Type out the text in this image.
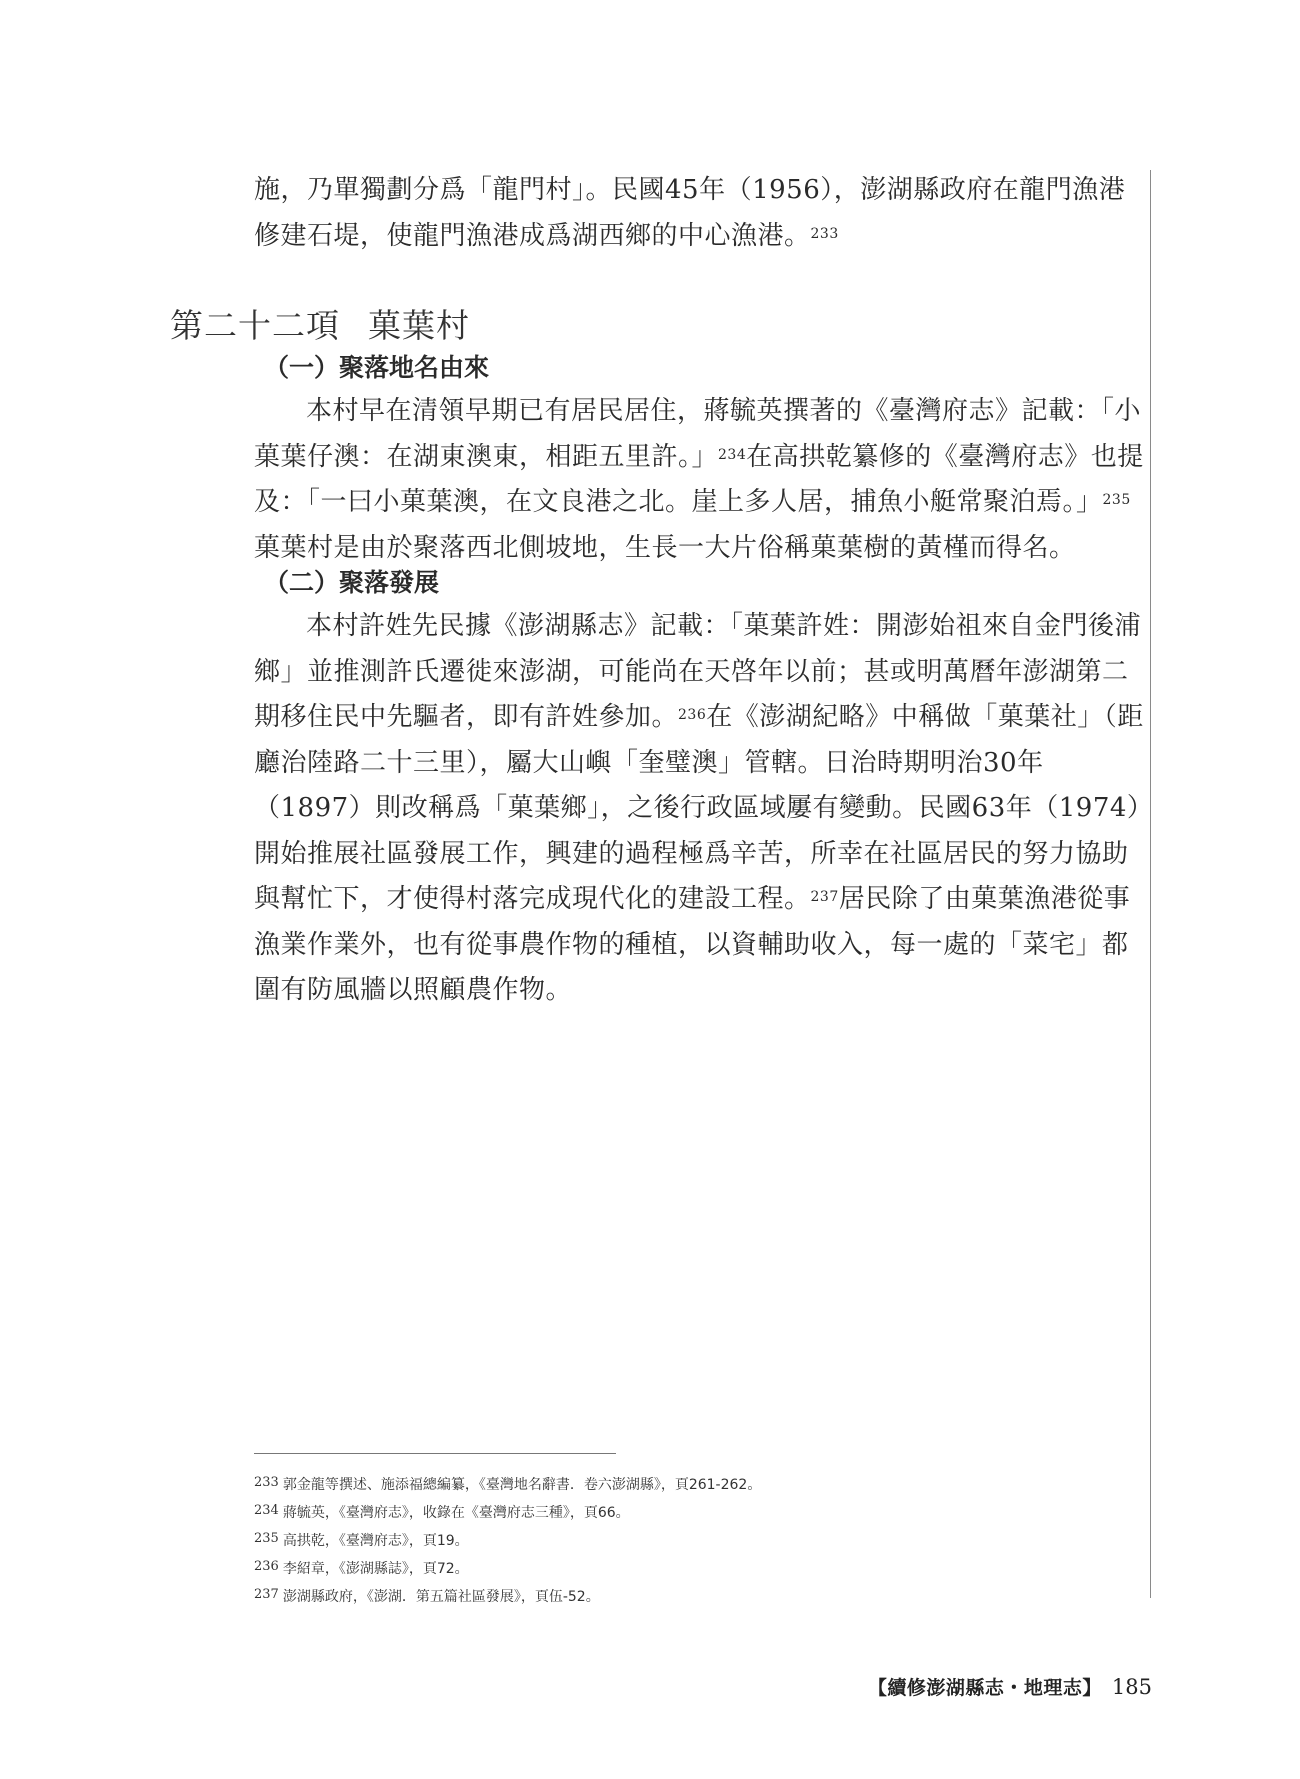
施，乃單獨劃分爲「龍門村」。民國45年（1956），澎湖縣政府在龍門漁港

修建石堤，使龍門漁港成爲湖西鄉的中心漁港。$^{233}$

第二十二項 菓葉村
（一）聚落地名由來

本村早在清領早期已有居民居住，蔣毓英撰著的《臺灣府志》記載：「小菓葉仔澳：在湖東澳東，相距五里許。」$^{234}$在高拱乾纂修的《臺灣府志》也提及：「一曰小菓葉澳，在文良港之北。崖上多人居，捕魚小艇常聚泊焉。」$^{235}$菓葉村是由於聚落西北側坡地，生長一大片俗稱菓葉樹的黃槿而得名。

（二）聚落發展

本村許姓先民據《澎湖縣志》記載：「菓葉許姓：開澎始祖來自金門後浦鄉」並推測許氏遷徙來澎湖，可能尚在天啓年以前；甚或明萬曆年澎湖第二期移住民中先驅者，即有許姓參加。$^{236}$在《澎湖紀略》中稱做「菓葉社」（距廳治陸路二十三里），屬大山嶼「奎璧澳」管轄。日治時期明治30年（1897）則改稱爲「菓葉鄉」，之後行政區域屢有變動。民國63年（1974）開始推展社區發展工作，興建的過程極爲辛苦，所幸在社區居民的努力協助與幫忙下，才使得村落完成現代化的建設工程。$^{237}$居民除了由菓葉漁港從事漁業作業外，也有從事農作物的種植，以資輔助收入，每一處的「菜宅」都圍有防風牆以照顧農作物。

233 郭金龍等撰述、施添福總編纂，《臺灣地名辭書．卷六澎湖縣》，頁261-262。
234 蔣毓英，《臺灣府志》，收錄在《臺灣府志三種》，頁66。
235 高拱乾，《臺灣府志》，頁19。
236 李紹章，《澎湖縣誌》，頁72。
237 澎湖縣政府，《澎湖．第五篇社區發展》，頁伍-52。
【續修澎湖縣志・地理志】 185
